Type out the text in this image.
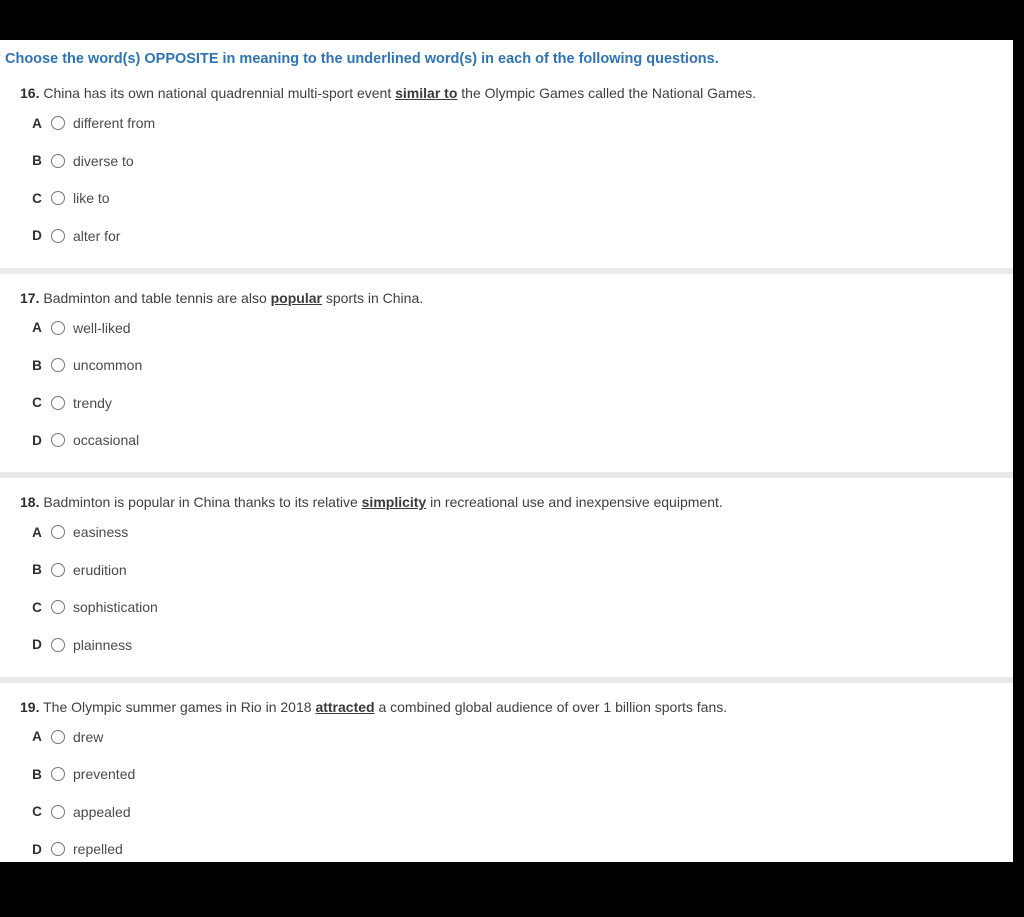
Choose the word(s) OPPOSITE in meaning to the underlined word(s) in each of the following questions.

16. China has its own national quadrennial multi-sport event similar to the Olympic Games called the National Games.

A different from
B diverse to
C like to
D alter for

17. Badminton and table tennis are also popular sports in China.

A well-liked
B uncommon
C trendy
D occasional

18. Badminton is popular in China thanks to its relative simplicity in recreational use and inexpensive equipment.

A easiness
B erudition
C sophistication
D plainness

19. The Olympic summer games in Rio in 2018 attracted a combined global audience of over 1 billion sports fans.

A drew
B prevented
C appealed
D repelled
